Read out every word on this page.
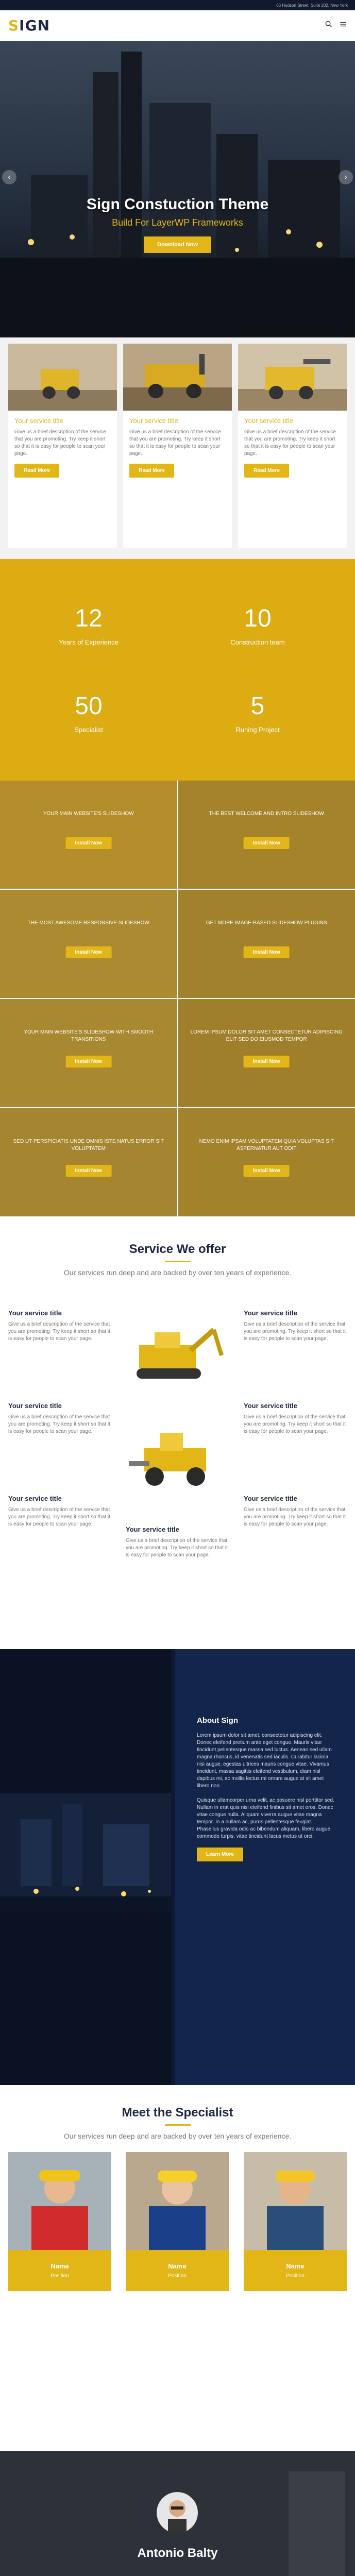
66 Hudson Street, Suite 202, New York
S IGN
Sign Constuction Theme
Build For LayerWP Frameworks
Download Now
‹	›
Your service title

Give us a brief description of the service that you are promoting. Try keep it short so that it is easy for people to scan your page.

Read More
Your service title

Give us a brief description of the service that you are promoting. Try keep it short so that it is easy for people to scan your page.

Read More
Your service title

Give us a brief description of the service that you are promoting. Try keep it short so that it is easy for people to scan your page.

Read More
12
Years of Experience
10
Construction team
50
Specialist
5
Runing Project
YOUR MAIN WEBSITE'S SLIDESHOW
Install Now
THE BEST WELCOME AND INTRO SLIDESHOW
Install Now
THE MOST AWESOME RESPONSIVE SLIDESHOW
Install Now
GET MORE IMAGE-BASED SLIDESHOW PLUGINS
Install Now
YOUR MAIN WEBSITE'S SLIDESHOW WITH SMOOTH TRANSITIONS
Install Now
LOREM IPSUM DOLOR SIT AMET CONSECTETUR ADIPISCING ELIT SED DO EIUSMOD TEMPOR
Install Now
SED UT PERSPICIATIS UNDE OMNIS ISTE NATUS ERROR SIT VOLUPTATEM
Install Now
NEMO ENIM IPSAM VOLUPTATEM QUIA VOLUPTAS SIT ASPERNATUR AUT ODIT
Install Now
Service We offer
Our services run deep and are backed by over ten years of experience.
Your service title

Give us a brief description of the service that you are promoting. Try keep it short so that it is easy for people to scan your page.

Your service title

Give us a brief description of the service that you are promoting. Try keep it short so that it is easy for people to scan your page.

Your service title

Give us a brief description of the service that you are promoting. Try keep it short so that it is easy for people to scan your page.

Your service title

Give us a brief description of the service that you are promoting. Try keep it short so that it is easy for people to scan your page.

Your service title

Give us a brief description of the service that you are promoting. Try keep it short so that it is easy for people to scan your page.

Your service title

Give us a brief description of the service that you are promoting. Try keep it short so that it is easy for people to scan your page.

Your service title

Give us a brief description of the service that you are promoting. Try keep it short so that it is easy for people to scan your page.

About Sign

Lorem ipsum dolor sit amet, consectetur adipiscing elit. Donec eleifend pretium ante eget congue. Mauris vitae tincidunt pellentesque massa sed luctus. Aenean sed ullam magna rhoncus, id venenatis sed iaculis. Curabitur lacinia nisi augue, egestas ultrices mauris congue vitae. Vivamus tincidunt, massa sagittis eleifend vestibulum, diam nisl dapibus mi, ac mollis lectus mi ornare augue at sit amet libero non.

Quisque ullamcorper urna velit, ac posuere nisl porttitor sed. Nullam in erat quis nisi eleifend finibus sit amet eros. Donec vitae congue nulla. Aliquam viverra augue vitae magna tempor. In a nullam ac, purus pellentesque feugiat. Phasellus gravida odio ac bibendum aliquam, libero augue commodo turpis, vitae tincidunt lacus metus ut orci.

Learn More
Meet the Specialist
Our services run deep and are backed by over ten years of experience.
Name
Position
Name
Position
Name
Position
Antonio Balty
